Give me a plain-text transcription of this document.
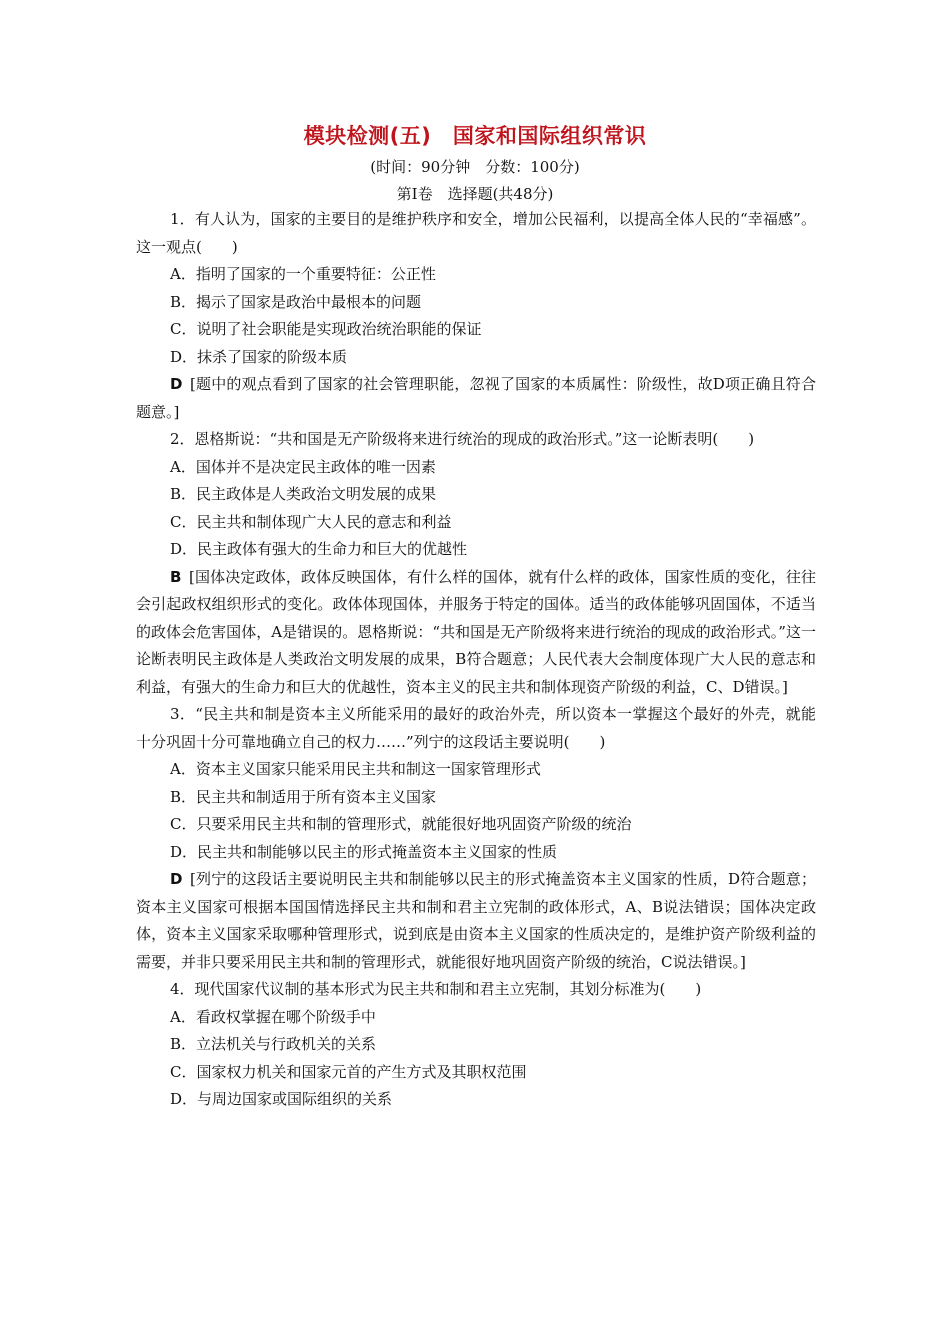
模块检测(五)　国家和国际组织常识
(时间：90分钟　分数：100分)
第Ⅰ卷　选择题(共48分)

1．有人认为，国家的主要目的是维护秩序和安全，增加公民福利，以提高全体人民的“幸福感”。这一观点(　　)

A．指明了国家的一个重要特征：公正性

B．揭示了国家是政治中最根本的问题

C．说明了社会职能是实现政治统治职能的保证

D．抹杀了国家的阶级本质

D  [题中的观点看到了国家的社会管理职能，忽视了国家的本质属性：阶级性，故D项正确且符合题意。]

2．恩格斯说：“共和国是无产阶级将来进行统治的现成的政治形式。”这一论断表明(　　)

A．国体并不是决定民主政体的唯一因素

B．民主政体是人类政治文明发展的成果

C．民主共和制体现广大人民的意志和利益

D．民主政体有强大的生命力和巨大的优越性

B  [国体决定政体，政体反映国体，有什么样的国体，就有什么样的政体，国家性质的变化，往往会引起政权组织形式的变化。政体体现国体，并服务于特定的国体。适当的政体能够巩固国体，不适当的政体会危害国体，A是错误的。恩格斯说：“共和国是无产阶级将来进行统治的现成的政治形式。”这一论断表明民主政体是人类政治文明发展的成果，B符合题意；人民代表大会制度体现广大人民的意志和利益，有强大的生命力和巨大的优越性，资本主义的民主共和制体现资产阶级的利益，C、D错误。]

3．“民主共和制是资本主义所能采用的最好的政治外壳，所以资本一掌握这个最好的外壳，就能十分巩固十分可靠地确立自己的权力……”列宁的这段话主要说明(　　)

A．资本主义国家只能采用民主共和制这一国家管理形式

B．民主共和制适用于所有资本主义国家

C．只要采用民主共和制的管理形式，就能很好地巩固资产阶级的统治

D．民主共和制能够以民主的形式掩盖资本主义国家的性质

D  [列宁的这段话主要说明民主共和制能够以民主的形式掩盖资本主义国家的性质，D符合题意；资本主义国家可根据本国国情选择民主共和制和君主立宪制的政体形式，A、B说法错误；国体决定政体，资本主义国家采取哪种管理形式，说到底是由资本主义国家的性质决定的，是维护资产阶级利益的需要，并非只要采用民主共和制的管理形式，就能很好地巩固资产阶级的统治，C说法错误。]

4．现代国家代议制的基本形式为民主共和制和君主立宪制，其划分标准为(　　)

A．看政权掌握在哪个阶级手中

B．立法机关与行政机关的关系

C．国家权力机关和国家元首的产生方式及其职权范围

D．与周边国家或国际组织的关系
